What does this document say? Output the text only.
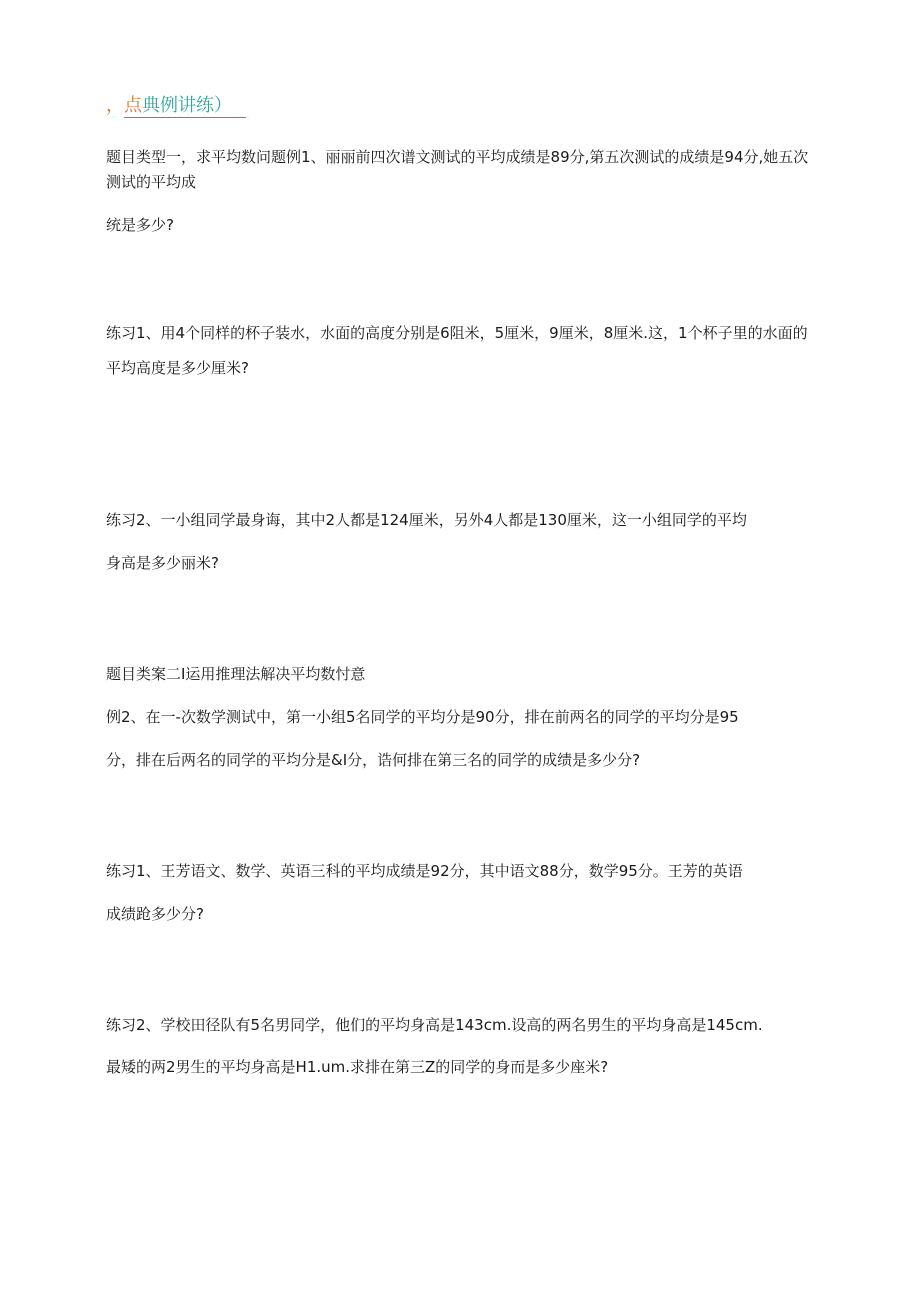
，点典例讲练）
题目类型一，求平均数问题例1、丽丽前四次谱文测试的平均成绩是89分,第五次测试的成绩是94分,她五次
测试的平均成
统是多少?
练习1、用4个同样的杯子装水，水面的高度分别是6阻米，5厘米，9厘米，8厘米.这，1个杯子里的水面的
平均高度是多少厘米?
练习2、一小组同学最身诲，其中2人都是124厘米，另外4人都是130厘米，这一小组同学的平均
身高是多少丽米?
题目类案二I运用推理法解决平均数忖意
例2、在一-次数学测试中，第一小组5名同学的平均分是90分，排在前两名的同学的平均分是95
分，排在后两名的同学的平均分是&I分，诰何排在第三名的同学的成绩是多少分?
练习1、王芳语文、数学、英语三科的平均成绩是92分，其中语文88分，数学95分。王芳的英语
成绩跄多少分?
练习2、学校田径队有5名男同学，他们的平均身高是143cm.设高的两名男生的平均身高是145cm.
最矮的两2男生的平均身高是H1.um.求排在第三Z的同学的身而是多少座米?
